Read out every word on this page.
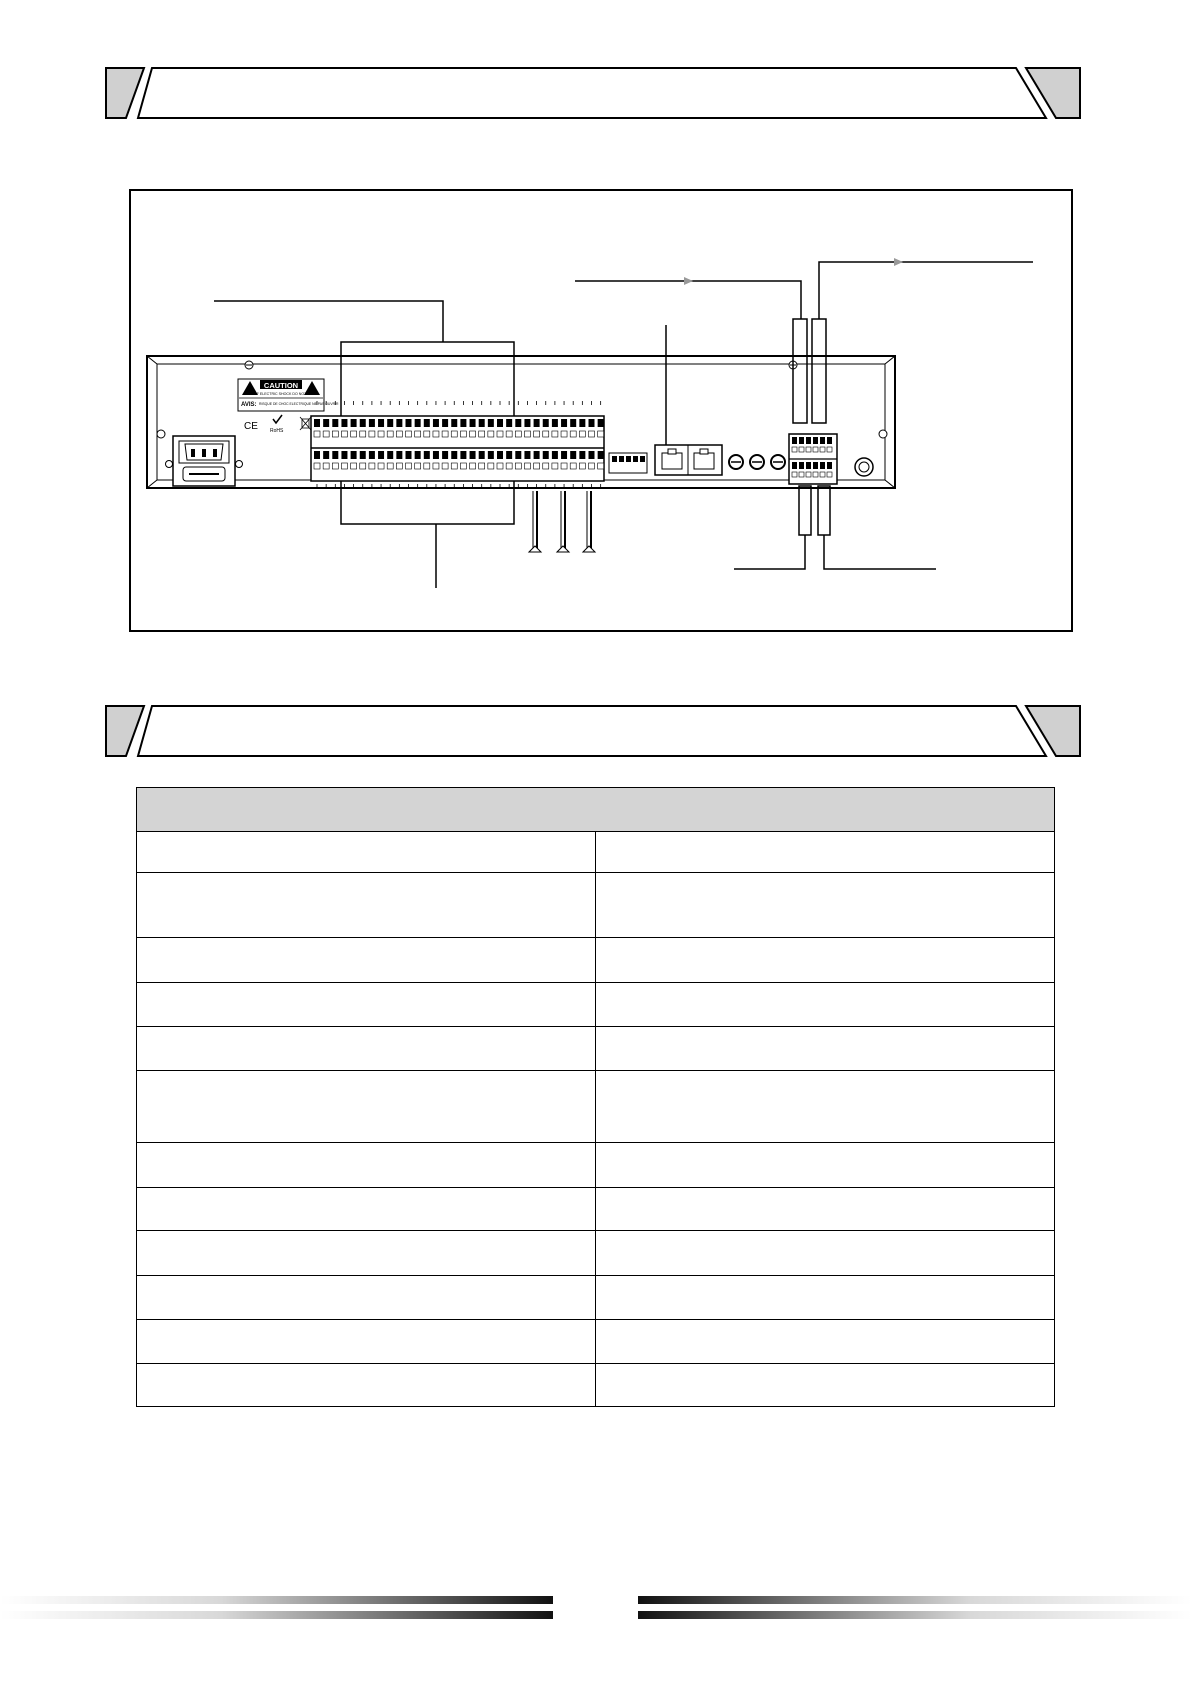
CAUTION
RISK OF ELECTRIC SHOCK DO NOT OPEN
AVIS: RISQUE DE CHOC ELECTRIQUE NE PAS OUVRIR
CE RoHS
